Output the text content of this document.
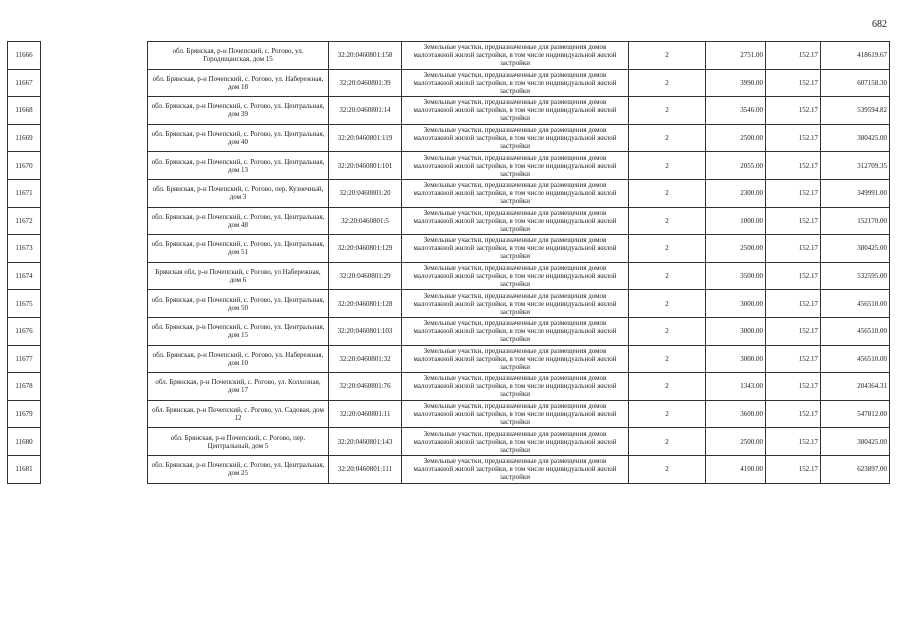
682
11666		обл. Брянская, р-н Почепский, с. Рогово, ул. Городищанская, дом 15	32:20:0460801:158	Земельные участки, предназначенные для размещения домов малоэтажной жилой застройки, в том числе индивидуальной жилой застройки	2	2751.00	152.17	418619.67
11667		обл. Брянская, р-н Почепский, с. Рогово, ул. Набережная, дом 18	32:20:0460801:39	Земельные участки, предназначенные для размещения домов малоэтажной жилой застройки, в том числе индивидуальной жилой застройки	2	3990.00	152.17	607158.30
11668		обл. Брянская, р-н Почепский, с. Рогово, ул. Центральная, дом 39	32:20:0460801:14	Земельные участки, предназначенные для размещения домов малоэтажной жилой застройки, в том числе индивидуальной жилой застройки	2	3546.00	152.17	539594.82
11669		обл. Брянская, р-н Почепский, с. Рогово, ул. Центральная, дом 40	32:20:0460801:119	Земельные участки, предназначенные для размещения домов малоэтажной жилой застройки, в том числе индивидуальной жилой застройки	2	2500.00	152.17	380425.00
11670		обл. Брянская, р-н Почепский, с. Рогово, ул. Центральная, дом 13	32:20:0460801:101	Земельные участки, предназначенные для размещения домов малоэтажной жилой застройки, в том числе индивидуальной жилой застройки	2	2055.00	152.17	312709.35
11671		обл. Брянская, р-н Почепский, с. Рогово, пер. Кузнечный, дом 3	32:20:0460801:20	Земельные участки, предназначенные для размещения домов малоэтажной жилой застройки, в том числе индивидуальной жилой застройки	2	2300.00	152.17	349991.00
11672		обл. Брянская, р-н Почепский, с. Рогово, ул. Центральная, дом 48	32:20:0460801:5	Земельные участки, предназначенные для размещения домов малоэтажной жилой застройки, в том числе индивидуальной жилой застройки	2	1000.00	152.17	152170.00
11673		обл. Брянская, р-н Почепский, с. Рогово, ул. Центральная, дом 51	32:20:0460801:129	Земельные участки, предназначенные для размещения домов малоэтажной жилой застройки, в том числе индивидуальной жилой застройки	2	2500.00	152.17	380425.00
11674		Брянская обл, р-н Почепский, с Рогово, ул Набережная, дом 6	32:20:0460801:29	Земельные участки, предназначенные для размещения домов малоэтажной жилой застройки, в том числе индивидуальной жилой застройки	2	3500.00	152.17	532595.00
11675		обл. Брянская, р-н Почепский, с. Рогово, ул. Центральная, дом 50	32:20:0460801:128	Земельные участки, предназначенные для размещения домов малоэтажной жилой застройки, в том числе индивидуальной жилой застройки	2	3000.00	152.17	456510.00
11676		обл. Брянская, р-н Почепский, с. Рогово, ул. Центральная, дом 15	32:20:0460801:103	Земельные участки, предназначенные для размещения домов малоэтажной жилой застройки, в том числе индивидуальной жилой застройки	2	3000.00	152.17	456510.00
11677		обл. Брянская, р-н Почепский, с. Рогово, ул. Набережная, дом 10	32:20:0460801:32	Земельные участки, предназначенные для размещения домов малоэтажной жилой застройки, в том числе индивидуальной жилой застройки	2	3000.00	152.17	456510.00
11678		обл. Брянская, р-н Почепский, с. Рогово, ул. Колхозная, дом 17	32:20:0460801:76	Земельные участки, предназначенные для размещения домов малоэтажной жилой застройки, в том числе индивидуальной жилой застройки	2	1343.00	152.17	204364.31
11679		обл. Брянская, р-н Почепский, с. Рогово, ул. Садовая, дом 12	32:20:0460801:11	Земельные участки, предназначенные для размещения домов малоэтажной жилой застройки, в том числе индивидуальной жилой застройки	2	3600.00	152.17	547812.00
11680		обл. Брянская, р-н Почепский, с. Рогово, пер. Центральный, дом 5	32:20:0460801:143	Земельные участки, предназначенные для размещения домов малоэтажной жилой застройки, в том числе индивидуальной жилой застройки	2	2500.00	152.17	380425.00
11681		обл. Брянская, р-н Почепский, с. Рогово, ул. Центральная, дом 25	32:20:0460801:111	Земельные участки, предназначенные для размещения домов малоэтажной жилой застройки, в том числе индивидуальной жилой застройки	2	4100.00	152.17	623897.00
